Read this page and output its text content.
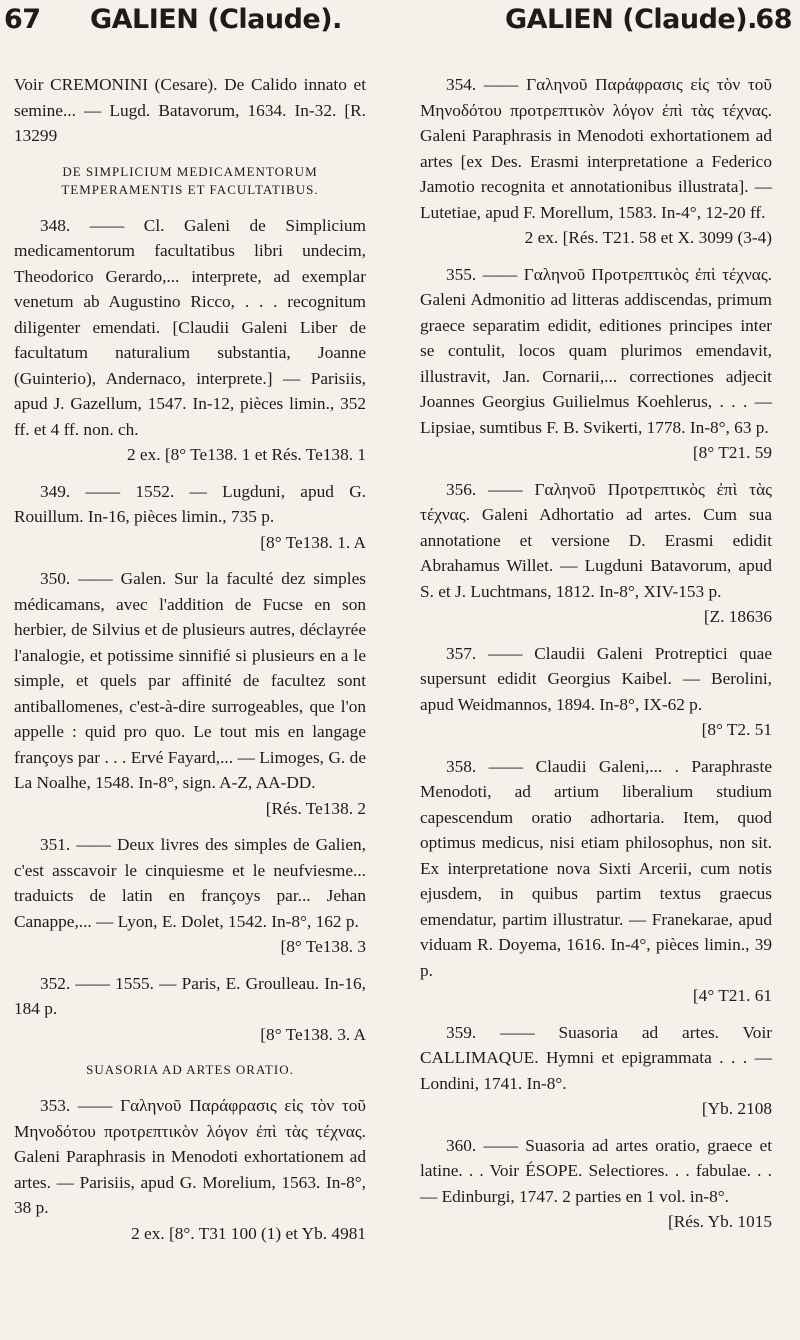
67 GALIEN (Claude).	GALIEN (Claude).
68

Voir CREMONINI (Cesare). De Calido innato et semine... — Lugd. Batavorum, 1634. In-32. [R. 13299

DE SIMPLICIUM MEDICAMENTORUM TEMPERAMENTIS ET FACULTATIBUS.

348. —— Cl. Galeni de Simplicium medicamentorum facultatibus libri undecim, Theodorico Gerardo,... interprete, ad exemplar venetum ab Augustino Ricco, . . . recognitum diligenter emendati. [Claudii Galeni Liber de facultatum naturalium substantia, Joanne (Guinterio), Andernaco, interprete.] — Parisiis, apud J. Gazellum, 1547. In-12, pièces limin., 352 ff. et 4 ff. non. ch.

2 ex. [8° Te138. 1 et Rés. Te138. 1

349. —— 1552. — Lugduni, apud G. Rouillum. In-16, pièces limin., 735 p.

[8° Te138. 1. A

350. —— Galen. Sur la faculté dez simples médicamans, avec l'addition de Fucse en son herbier, de Silvius et de plusieurs autres, déclayrée l'analogie, et potissime sinnifié si plusieurs en a le simple, et quels par affinité de facultez sont antiballomenes, c'est-à-dire surrogeables, que l'on appelle : quid pro quo. Le tout mis en langage françoys par . . . Ervé Fayard,... — Limoges, G. de La Noalhe, 1548. In-8°, sign. A-Z, AA-DD.

[Rés. Te138. 2

351. —— Deux livres des simples de Galien, c'est asscavoir le cinquiesme et le neufviesme... traduicts de latin en françoys par... Jehan Canappe,... — Lyon, E. Dolet, 1542. In-8°, 162 p.

[8° Te138. 3

352. —— 1555. — Paris, E. Groulleau. In-16, 184 p.

[8° Te138. 3. A

SUASORIA AD ARTES ORATIO.

353. —— Γαληνοῦ Παράφρασις εἰς τὸν τοῦ Μηνοδότου προτρεπτικὸν λόγον ἐπὶ τὰς τέχνας. Galeni Paraphrasis in Menodoti exhortationem ad artes. — Parisiis, apud G. Morelium, 1563. In-8°, 38 p.

2 ex. [8°. T31 100 (1) et Yb. 4981

354. —— Γαληνοῦ Παράφρασις εἰς τὸν τοῦ Μηνοδότου προτρεπτικὸν λόγον ἐπὶ τὰς τέχνας. Galeni Paraphrasis in Menodoti exhortationem ad artes [ex Des. Erasmi interpretatione a Federico Jamotio recognita et annotationibus illustrata]. — Lutetiae, apud F. Morellum, 1583. In-4°, 12-20 ff.

2 ex. [Rés. T21. 58 et X. 3099 (3-4)

355. —— Γαληνοῦ Προτρεπτικὸς ἐπὶ τέχνας. Galeni Admonitio ad litteras addiscendas, primum graece separatim edidit, editiones principes inter se contulit, locos quam plurimos emendavit, illustravit, Jan. Cornarii,... correctiones adjecit Joannes Georgius Guilielmus Koehlerus, . . . — Lipsiae, sumtibus F. B. Svikerti, 1778. In-8°, 63 p.

[8° T21. 59

356. —— Γαληνοῦ Προτρεπτικὸς ἐπὶ τὰς τέχνας. Galeni Adhortatio ad artes. Cum sua annotatione et versione D. Erasmi edidit Abrahamus Willet. — Lugduni Batavorum, apud S. et J. Luchtmans, 1812. In-8°, XIV-153 p.

[Z. 18636

357. —— Claudii Galeni Protreptici quae supersunt edidit Georgius Kaibel. — Berolini, apud Weidmannos, 1894. In-8°, IX-62 p.

[8° T2. 51

358. —— Claudii Galeni,... . Paraphraste Menodoti, ad artium liberalium studium capescendum oratio adhortaria. Item, quod optimus medicus, nisi etiam philosophus, non sit. Ex interpretatione nova Sixti Arcerii, cum notis ejusdem, in quibus partim textus graecus emendatur, partim illustratur. — Franekarae, apud viduam R. Doyema, 1616. In-4°, pièces limin., 39 p.

[4° T21. 61

359. —— Suasoria ad artes. Voir CALLIMAQUE. Hymni et epigrammata . . . — Londini, 1741. In-8°.

[Yb. 2108

360. —— Suasoria ad artes oratio, graece et latine. . . Voir ÉSOPE. Selectiores. . . fabulae. . . — Edinburgi, 1747. 2 parties en 1 vol. in-8°.

[Rés. Yb. 1015
